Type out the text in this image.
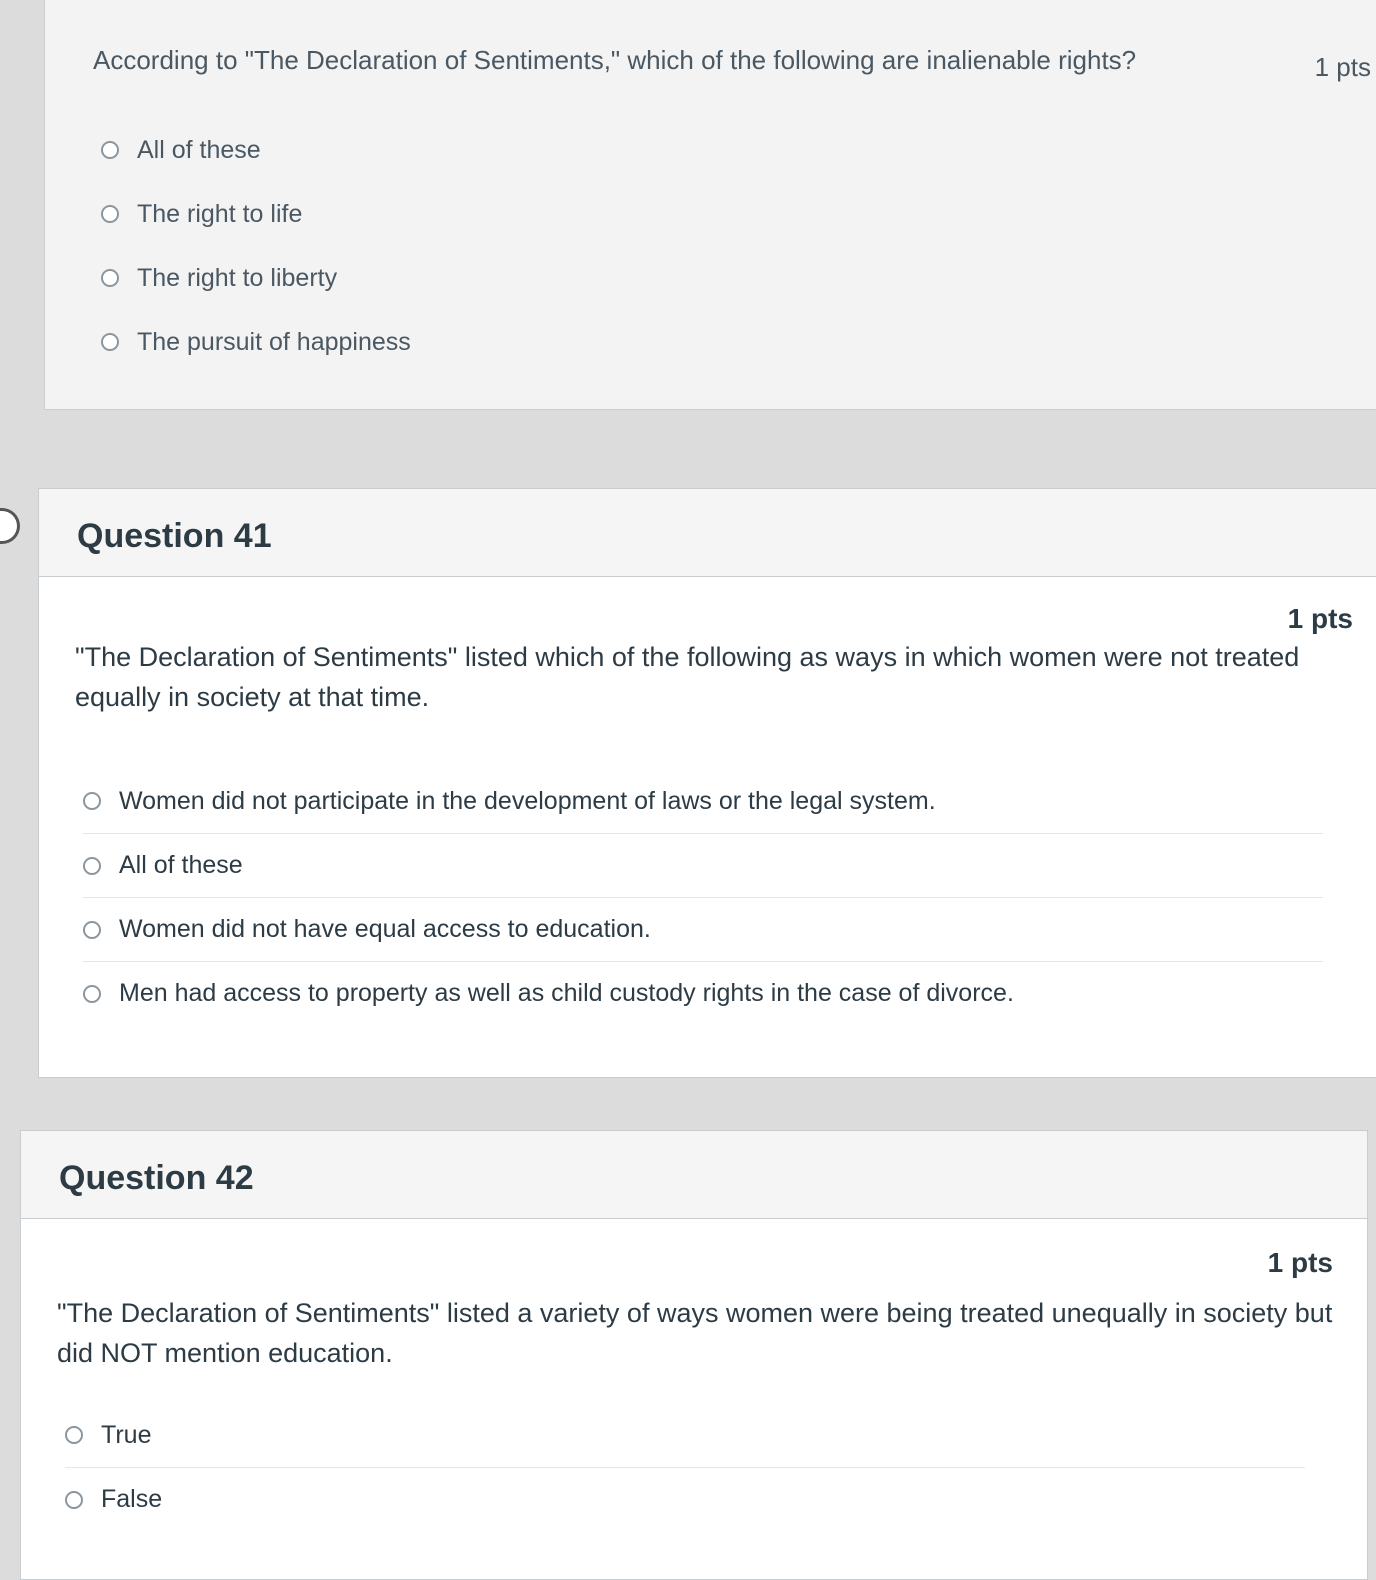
1 pts
According to "The Declaration of Sentiments," which of the following are inalienable rights?
All of these
The right to life
The right to liberty
The pursuit of happiness
Question 41
1 pts
"The Declaration of Sentiments" listed which of the following as ways in which women were not treated equally in society at that time.
Women did not participate in the development of laws or the legal system.
All of these
Women did not have equal access to education.
Men had access to property as well as child custody rights in the case of divorce.
Question 42
1 pts
"The Declaration of Sentiments" listed a variety of ways women were being treated unequally in society but did NOT mention education.
True
False
